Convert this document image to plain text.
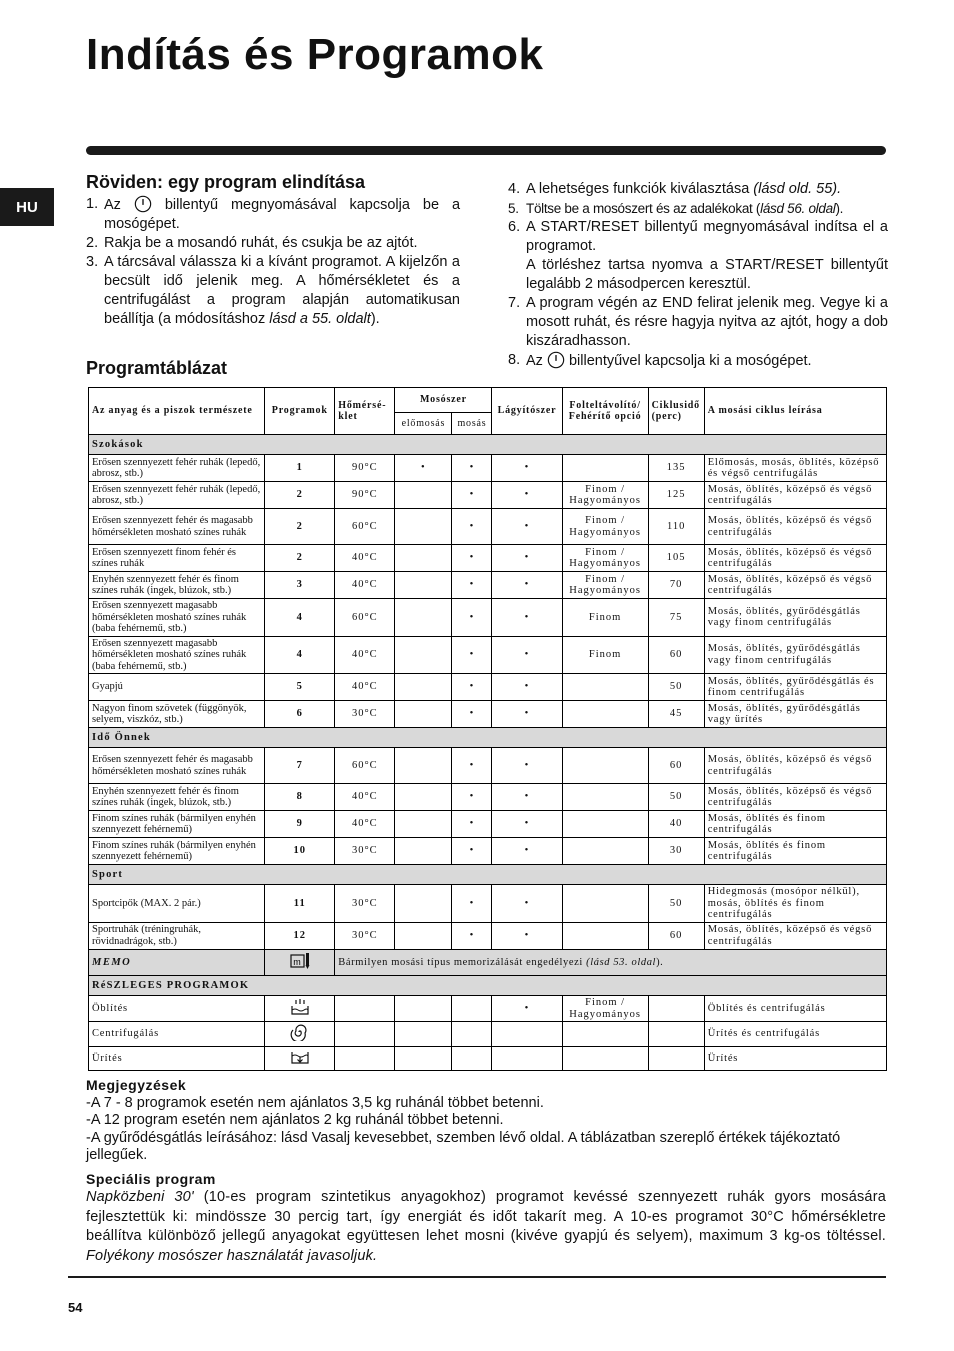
Indítás és Programok
HU
Röviden: egy program elindítása
1. Az	billentyű megnyomásával kapcsolja be a mosógépet.
2. Rakja be a mosandó ruhát, és csukja be az ajtót.
3. A tárcsával válassza ki a kívánt programot. A kijelzőn a becsült idő jelenik meg. A hőmérsékletet és a centrifugálást a program alapján automatikusan beállítja (a módosításhoz lásd a 55. oldalt).
4. A lehetséges funkciók kiválasztása (lásd old. 55).
5. Töltse be a mosószert és az adalékokat (lásd 56. oldal).
6. A START/RESET billentyű megnyomásával indítsa el a programot.
A törléshez tartsa nyomva a START/RESET billentyűt legalább 2 másodpercen keresztül.
7. A program végén az END felirat jelenik meg. Vegye ki a mosott ruhát, és résre hagyja nyitva az ajtót, hogy a dob kiszáradhasson.
8. Az billentyűvel kapcsolja ki a mosógépet.
Programtáblázat
Az anyag és a piszok természete	Programok	Hőmérsé-klet	Mosószer		Lágyítószer	Folteltávolító/ Fehérítő opció	Ciklusidő (perc)	A mosási ciklus leírása
			előmosás	mosás				
Szokások								
Erősen szennyezett fehér ruhák (lepedő, abrosz, stb.)	1	90°C	•	•	•		135	Előmosás, mosás, öblítés, középső és végső centrifugálás
Erősen szennyezett fehér ruhák (lepedő, abrosz, stb.)	2	90°C		•	•	Finom / Hagyományos	125	Mosás, öblítés, középső és végső centrifugálás
Erősen szennyezett fehér és magasabb hőmérsékleten mosható színes ruhák	2	60°C		•	•	Finom / Hagyományos	110	Mosás, öblítés, középső és végső centrifugálás
Erősen szennyezett finom fehér és színes ruhák	2	40°C		•	•	Finom / Hagyományos	105	Mosás, öblítés, középső és végső centrifugálás
Enyhén szennyezett fehér és finom színes ruhák (ingek, blúzok, stb.)	3	40°C		•	•	Finom / Hagyományos	70	Mosás, öblítés, középső és végső centrifugálás
Erősen szennyezett magasabb hőmérsékleten mosható színes ruhák (baba fehérnemű, stb.)	4	60°C		•	•	Finom	75	Mosás, öblítés, gyűrődésgátlás vagy finom centrifugálás
Erősen szennyezett magasabb hőmérsékleten mosható színes ruhák (baba fehérnemű, stb.)	4	40°C		•	•	Finom	60	Mosás, öblítés, gyűrődésgátlás vagy finom centrifugálás
Gyapjú	5	40°C		•	•		50	Mosás, öblítés, gyűrődésgátlás és finom centrifugálás
Nagyon finom szövetek (függönyök, selyem, viszkóz, stb.)	6	30°C		•	•		45	Mosás, öblítés, gyűrődésgátlás vagy ürítés
Idő Önnek								
Erősen szennyezett fehér és magasabb hőmérsékleten mosható színes ruhák	7	60°C		•	•		60	Mosás, öblítés, középső és végső centrifugálás
Enyhén szennyezett fehér és finom színes ruhák (ingek, blúzok, stb.)	8	40°C		•	•		50	Mosás, öblítés, középső és végső centrifugálás
Finom színes ruhák (bármilyen enyhén szennyezett fehérnemű)	9	40°C		•	•		40	Mosás, öblítés és finom centrifugálás
Finom színes ruhák (bármilyen enyhén szennyezett fehérnemű)	10	30°C		•	•		30	Mosás, öblítés és finom centrifugálás
Sport								
Sportcipők (MAX. 2 pár.)	11	30°C		•	•		50	Hidegmosás (mosópor nélkül), mosás, öblítés és finom centrifugálás
Sportruhák (tréningruhák, rövidnadrágok, stb.)	12	30°C		•	•		60	Mosás, öblítés, középső és végső centrifugálás
MEMO	m	Bármilyen mosási típus memorizálását engedélyezi (lásd 53. oldal).						
RéSZLEGES PROGRAMOK								
Öblítés					•	Finom / Hagyományos		Öblítés és centrifugálás
Centrifugálás								Ürítés és centrifugálás
Ürítés								Ürítés

Megjegyzések

-A 7 - 8 programok esetén nem ajánlatos 3,5 kg ruhánál többet betenni.

-A 12 program esetén nem ajánlatos 2 kg ruhánál többet betenni.

-A gyűrődésgátlás leírásához: lásd Vasalj kevesebbet, szemben lévő oldal. A táblázatban szereplő értékek tájékoztató jellegűek.

Speciális program

Napközbeni 30' (10-es program szintetikus anyagokhoz) programot kevéssé szennyezett ruhák gyors mosására fejlesztettük ki: mindössze 30 percig tart, így energiát és időt takarít meg. A 10-es programot 30°C hőmérsékletre beállítva különböző jellegű anyagokat együttesen lehet mosni (kivéve gyapjú és selyem), maximum 3 kg-os töltéssel. Folyékony mosószer használatát javasoljuk.

54
